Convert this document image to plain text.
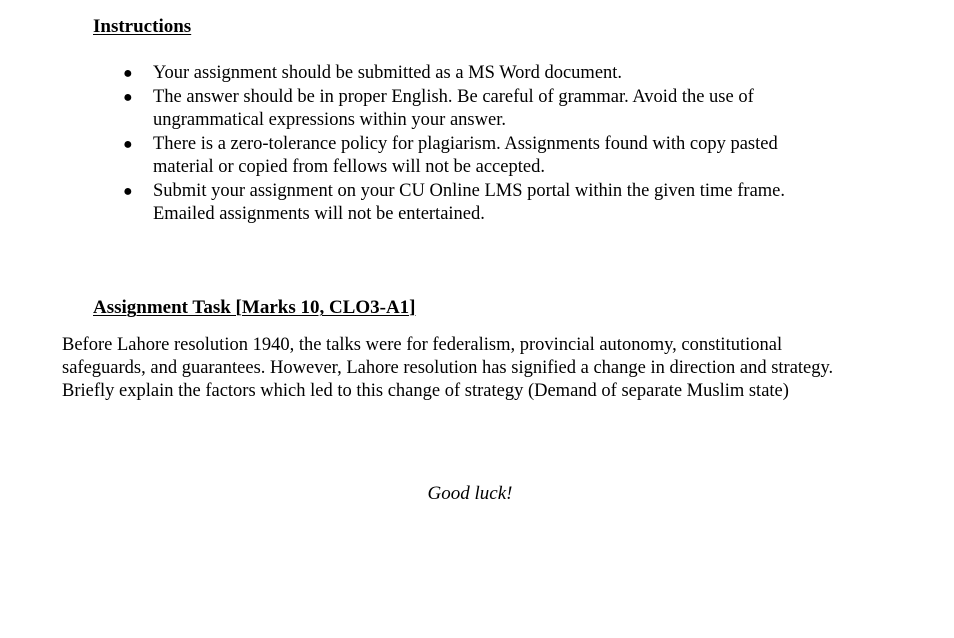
Instructions
● Your assignment should be submitted as a MS Word document.
● The answer should be in proper English. Be careful of grammar. Avoid the use of ungrammatical expressions within your answer.
● There is a zero-tolerance policy for plagiarism. Assignments found with copy pasted material or copied from fellows will not be accepted.
● Submit your assignment on your CU Online LMS portal within the given time frame. Emailed assignments will not be entertained.
Assignment Task [Marks 10, CLO3-A1]

Before Lahore resolution 1940, the talks were for federalism, provincial autonomy, constitutional safeguards, and guarantees. However, Lahore resolution has signified a change in direction and strategy. Briefly explain the factors which led to this change of strategy (Demand of separate Muslim state)

Good luck!
